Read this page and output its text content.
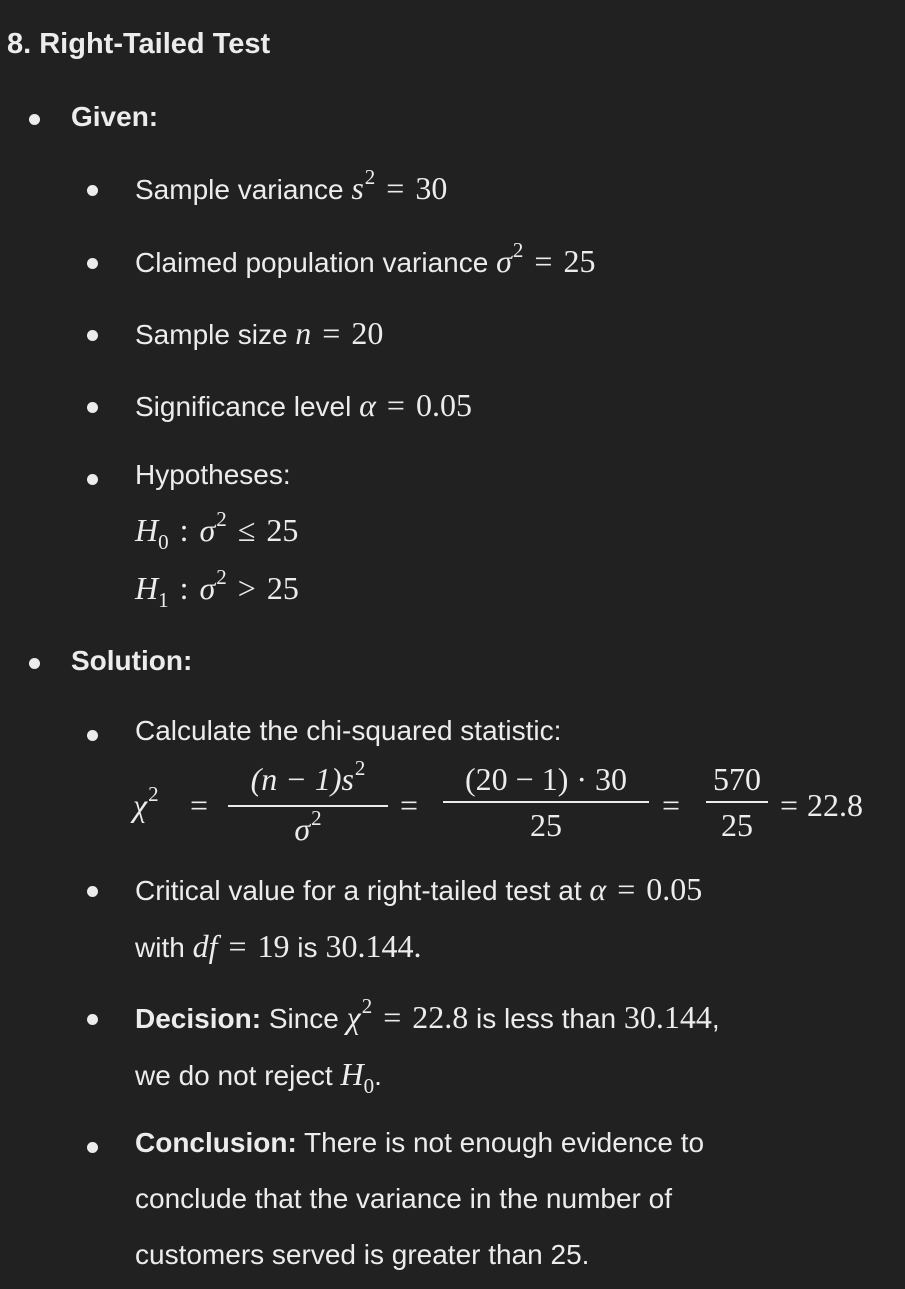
8. Right-Tailed Test
Given:
Sample variance $s^2 = 30$
Claimed population variance $\sigma^2 = 25$
Sample size n = 20
Significance level α = 0.05
Hypotheses:
$H_0$ : $\sigma^2 \le 25$
$H_1$ : $\sigma^2 > 25$
Solution:
Calculate the chi-squared statistic:
$\chi^2$ =
$(n - 1)s^2$
$\sigma^2$	=
(20 − 1) · 30
25
=
570
25
= 22.8
Critical value for a right-tailed test at α = 0.05
with df = 19 is 30.144.
Decision: Since $\chi^2 = 22.8$ is less than 30.144,
we do not reject $H_0$.
Conclusion: There is not enough evidence to
conclude that the variance in the number of
customers served is greater than 25.
